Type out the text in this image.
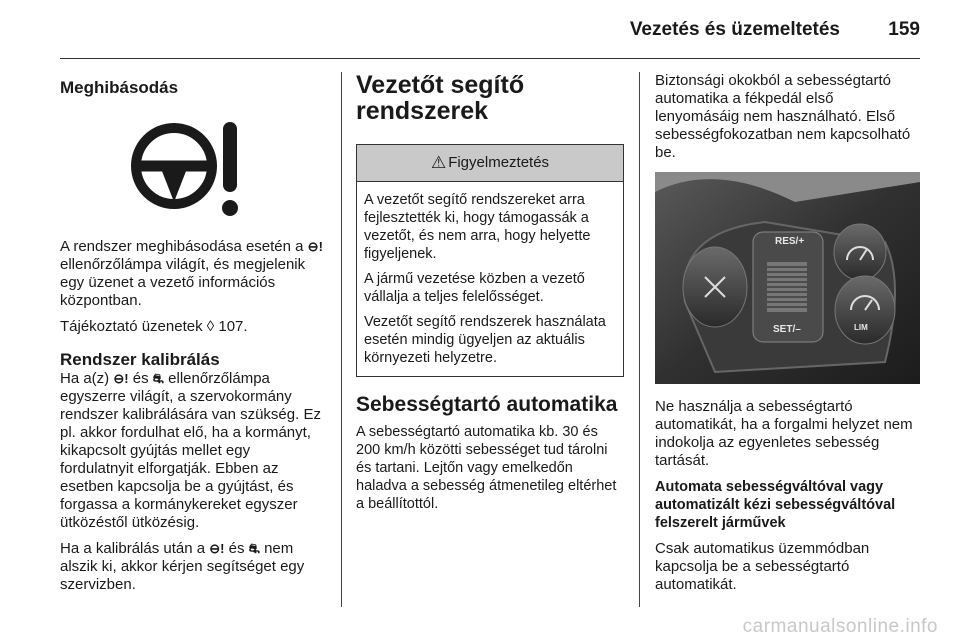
Vezetés és üzemeltetés	159
Meghibásodás

A rendszer meghibásodása esetén a ⊖! ellenőrzőlámpa világít, és megjelenik egy üzenet a vezető információs központban.

Tájékoztató üzenetek ◊ 107.

Rendszer kalibrálás

Ha a(z) ⊖! és ⛐ ellenőrzőlámpa egyszerre világít, a szervokormány rendszer kalibrálására van szükség. Ez pl. akkor fordulhat elő, ha a kormányt, kikapcsolt gyújtás mellet egy fordulatnyit elforgatják. Ebben az esetben kapcsolja be a gyújtást, és forgassa a kormánykereket egyszer ütközéstől ütközésig.

Ha a kalibrálás után a ⊖! és ⛐ nem alszik ki, akkor kérjen segítséget egy szervizben.

Vezetőt segítő rendszerek
⚠ Figyelmeztetés

A vezetőt segítő rendszereket arra fejlesztették ki, hogy támogassák a vezetőt, és nem arra, hogy helyette figyeljenek.

A jármű vezetése közben a vezető vállalja a teljes felelősséget.

Vezetőt segítő rendszerek használata esetén mindig ügyeljen az aktuális környezeti helyzetre.

Sebességtartó automatika

A sebességtartó automatika kb. 30 és 200 km/h közötti sebességet tud tárolni és tartani. Lejtőn vagy emelkedőn haladva a sebesség átmenetileg eltérhet a beállítottól.

Biztonsági okokból a sebességtartó automatika a fékpedál első lenyomásáig nem használható. Első sebességfokozatban nem kapcsolható be.

RES/+
SET/–	LIM

Ne használja a sebességtartó automatikát, ha a forgalmi helyzet nem indokolja az egyenletes sebesség tartását.

Automata sebességváltóval vagy automatizált kézi sebességváltóval felszerelt járművek

Csak automatikus üzemmódban kapcsolja be a sebességtartó automatikát.

carmanualsonline.info
